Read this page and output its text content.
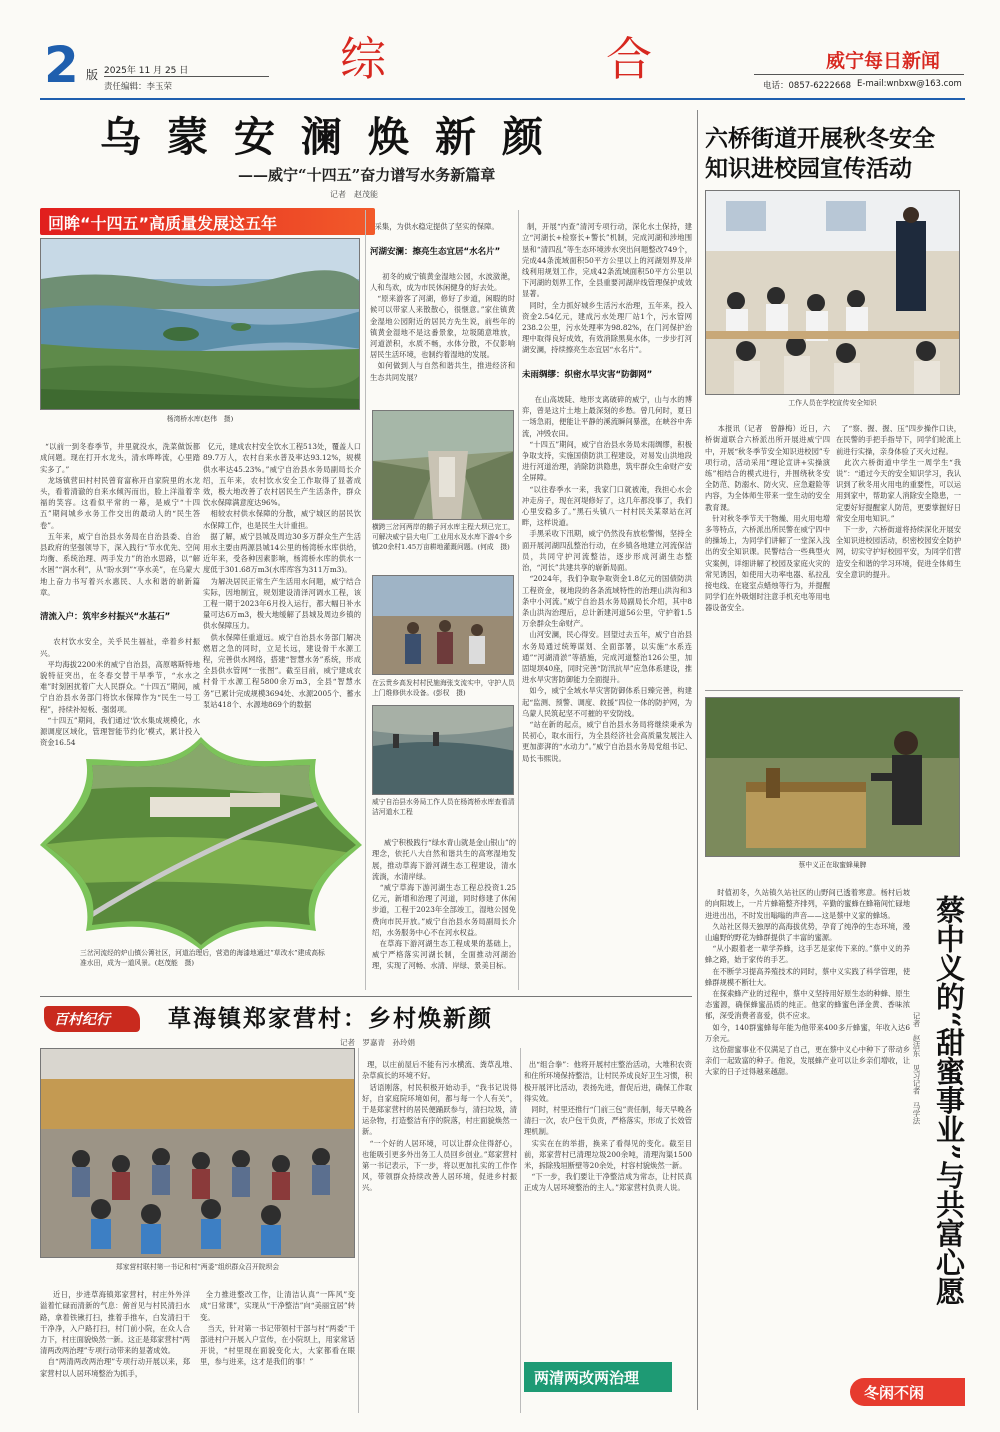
2 版 2025年 11 月 25 日
责任编辑：李玉荣
综	合	威宁每日新闻
电话：0857-6222668 E-mail:wnbxw@163.com
乌蒙安澜焕新颜
——威宁“十四五”奋力谱写水务新篇章
记者　赵茂能
回眸“十四五”高质量发展这五年
杨湾桥水库(赵伟　摄)

“以前一到冬春季节，井里就没水，洗菜做饭都成问题。现在打开水龙头，清水哗哗流，心里踏实多了。”
　龙场镇营田村村民曾育富称开自家院里的水龙头，看着清澈的自来水倾泻而出，脸上洋溢着幸福的笑容。这看似平常的一幕，是威宁“十四五”期间城乡水务工作交出的最动人的“民生答卷”。
　五年来，威宁自治县水务局在自治县委、自治县政府的坚强领导下，深入践行“节水优先、空间均衡、系统治理、两手发力”的治水思路，以“解水困”“润水利”，从“盼水到”“享水美”，在乌蒙大地上奋力书写着兴水惠民、人水和谐的崭新篇章。

清流入户：筑牢乡村振兴“水基石”

　农村饮水安全，关乎民生福祉，牵着乡村振兴。
　平均海拔2200米的威宁自治县，高原喀斯特地貌特征突出，在冬春交替干旱季节，“水水之难”时刻困扰着广大人民群众。“十四五”期间，威宁自治县水务部门将饮水保障作为“民生一号工程”，持续补短板、强弱项。
　“十四五”期间，我们通过‘饮水集成规模化，水源调度区域化，管理智能节约化’模式，累计投入资金16.54

亿元，建成农村安全饮水工程513处，覆盖人口89.7万人，农村自来水普及率达93.12%，规模供水率达45.23%。”威宁自治县水务局副局长介绍，五年来，农村饮水安全工作取得了显著成效，极大地改善了农村居民生产生活条件，群众饮水保障满意度达96%。
　相较农村供水保障的分散，威宁城区的居民饮水保障工作，也是民生大计重担。
　据了解，威宁县城及周边30多万群众生产生活用水主要由两源县城14公里的杨湾桥水库供给，近年来，受各种因素影响，杨湾桥水库的供水一度低于301.68万m3(水库库容为311万m3)。
　为解决居民正常生产生活用水问题，威宁结合实际，因地制宜，规划建设清泽河调水工程，该工程一期于2023年6月投入运行，都大幅日补水量可达6万m3，极大地缓解了县城及周边乡镇的供水保障压力。
　供水保障任重道远。威宁自治县水务部门解决燃眉之急的同时，立足长远，建设骨干水源工程，完善供水网络，搭建“智慧水务”系统，形成全县供水管网“一张图”。截至目前，威宁建成农村骨干水源工程5800余万m3，全县“智慧水务”已累计完成规模3694处、水源2005个、蓄水泵站418个、水源地869个的数据

三岔河流经的炉山镇公箐社区，河道治理后，营造的海漆地通过“草改水”建成高标准水田，成为一道风景。(赵茂能　摄)

采集，为供水稳定提供了坚实的保障。

河湖安澜：擦亮生态宜居“水名片”

　初冬的威宁镇黄金湿地公园，水波潋滟，人和鸟欢，成为市民休闲健身的好去处。
　“原来游客了河湖，修好了步道，闲暇的时候可以带家人来散散心，很惬意。”家住镇黄金湿地公园附近的居民方先生说，前些年的镇黄金湿地不是这番景象，垃圾随意堆放，河道淤积，水质不畅，水体分散，不仅影响居民生活环境，也制约着湿地的发展。
　如何做到人与自然和谐共生，推进经济和生态共同发展？

横跨三岔河两岸的鹅子河水库主程大坝已完工，可解决威宁县大电厂工业用水及水库下游4个乡镇20余村1.45万亩耕地灌溉问题。(何成　摄)
在云贵乡高发村村民施海张支流实中，守护人员上门维修供水设备。(彭权　摄)
威宁自治县水务局工作人员在杨湾桥水库查看清洁河道水工程

　威宁积极践行“绿水青山就是金山银山”的理念，依托八大自然和谐共生的高寒湿地发展，推动草海下游河湖生态工程建设，清水流淌，水清岸绿。
　“威宁草海下游河湖生态工程总投资1.25亿元，新增和治理了河道，同时修建了休闲步道，工程于2023年全部竣工，湿地公园免费向市民开放。”威宁自治县水务局副局长介绍，水务服务中心不在河水权益。
　在草海下游河湖生态工程成果的基础上，威宁严格落实河湖长制，全面推动河湖治理，实现了河畅、水清、岸绿、景美目标。

制，开展“内查”清河专项行动，深化水土保持，建立“河湖长+检察长+警长”机制，完成河湖和涉地围垦和“清四乱”等生态环境涉水突出问题整改749个，完成44条流域面积50平方公里以上的河湖划界及岸线利用规划工作，完成42条流域面积50平方公里以下河湖的划界工作，全县重要河湖岸线管理保护成效显著。
　同时，全力抓好城乡生活污水治理，五年来，投入资金2.54亿元，建成污水处理厂站1个，污水管网238.2公里，污水处理率为98.82%，在门河保护治理中取得良好成效，有效消除黑臭水体，一步步打河湖安澜，持续擦亮生态宜居“水名片”。

未雨绸缪：织密水旱灾害“防御网”

　在山高坡陡、地形支离破碎的威宁，山与水的博弈，曾是这片土地上最深刻的乡愁。曾几何时，夏日一场急雨，便能让平静的溪流瞬间暴涨，在峡谷中奔流，冲毁农田。
　“十四五”期间，威宁自治县水务局未雨绸缪，积极争取支持，实施国债防洪工程建设，对易发山洪地段进行河道治理，消除防洪隐患，筑牢群众生命财产安全屏障。
　“以往春季水一来，我家门口就被淹，我担心水会冲走房子，现在河堤修好了，这几年都没事了，我们心里安稳多了。”黑石头镇八一村村民关某翠站在河畔，这样说道。
　手黑采收下汛期，威宁仍然没有放松警惕，坚持全面开展河湖四乱整治行动，在乡镇各地建立河流保洁员，共同守护河流整洁，逐步形成河湖生态整治，“河长”共建共享的崭新局面。
　“2024年，我们争取争取资金1.8亿元的国债防洪工程资金，视地段的各条流域特性的治理山洪沟和3条中小河流。”威宁自治县水务局副局长介绍，其中8条山洪沟治理后，总计新建河道56公里，守护着1.5万余群众生命财产。
　山河安澜，民心得安。回望过去五年，威宁自治县水务局通过统筹谋划、全面部署，以实施“水系连通”“河湖清淤”等措施，完成河道整治126公里，加固堤坝40座，同时完善“防汛抗旱”应急体系建设，推进水旱灾害防御能力全面提升。
　如今，威宁全域水旱灾害防御体系日臻完善，构建起“监测、预警、调度、救援”四位一体的防护网，为乌蒙人民筑起坚不可摧的平安防线。
　“站在新的起点，威宁自治县水务局将继续秉承为民初心，取水而行，为全县经济社会高质量发展注入更加澎湃的“水动力”。”威宁自治县水务局党组书记、局长韦熙说。

六桥街道开展秋冬安全
知识进校园宣传活动
工作人员在学校宣传安全知识

　本报讯（记者　曾静梅）近日，六桥街道联合六桥派出所开展进威宁四中，开展“秋冬季节安全知识进校园”专项行动，活动采用“理论宣讲+实操演练”相结合的模式进行，并围绕秋冬安全防范、防溺水、防火灾、应急避险等内容，为全体师生带来一堂生动的安全教育课。
　针对秋冬季节天干物燥、用火用电增多等特点，六桥派出所民警在威宁四中的操场上，为同学们讲解了一堂深入浅出的安全知识课。民警结合一些典型火灾案例，详细讲解了校园及家庭火灾的常见诱因，如使用大功率电器、私拉乱接电线、在寝室点蜡烛等行为，并提醒同学们在外吸烟时注意手机充电等用电器设备安全。

了“察、握、握、压”四步操作口诀，在民警的手把手指导下，同学们轮流上前进行实操，亲身体验了灭火过程。
　此次六桥街道中学生一周学生“我说”：“通过今天的安全知识学习，我认识到了秋冬用火用电的重要性，可以运用到家中，帮助家人消除安全隐患，一定要好好提醒家人防范，更要掌握好日常安全用电知识。”
　下一步，六桥街道将持续深化开展安全知识进校园活动，织密校园安全防护网，切实守护好校园平安，为同学们营造安全和谐的学习环境，促进全体师生安全意识的提升。

蔡中义正在取蜜蜂巢脾

　时值初冬，久站镇久站社区的山野间已透着寒意。杨村后坡的向阳坡上，一片片蜂箱整齐排列，辛勤的蜜蜂在蜂箱间忙碌地进进出出，不时发出嗡嗡的声音——这是蔡中义家的蜂场。
　久站社区得天独厚的高海拔优势，孕育了纯净的生态环境，漫山遍野的野花为蜂群提供了丰富的蜜源。
　“从小跟着老一辈学养蜂，这手艺是家传下来的。”蔡中义的养蜂之路，始于家传的手艺。
　在不断学习提高养殖技术的同时，蔡中义实践了科学管理，使蜂群规模不断壮大。
　在探索蜂产业的过程中，蔡中义坚持用好原生态的种蜂、原生态蜜源，确保蜂蜜品质的纯正。他家的蜂蜜色泽金黄、香味浓郁，深受消费者喜爱，供不应求。
　如今，140群蜜蜂每年能为他带来400多斤蜂蜜，年收入达6万余元。
　这份甜蜜事业不仅满足了自己，更在蔡中义心中种下了带动乡亲们一起致富的种子。他说，发展蜂产业可以让乡亲们增收，让大家的日子过得越来越甜。	蔡中义的“甜蜜事业”与共富心愿
记者　赵洁东　见习记者　马学法
冬闲不闲
百村纪行	草海镇郑家营村：乡村焕新颜
记者　罗嘉青　孙玲娟
郑家营村联村第一书记和村“两委”组织群众召开院坝会

　近日，步进草海镇郑家营村，村庄外外洋溢着忙碌而清新的气息：俯首见与村民清扫水路，拿着铁锹打扫，推着手推车，白发清扫干干净净，入户路打扫，村门前小院，在众人合力下，村庄面貌焕然一新。这正是郑家营村“两清两改两治理”专项行动带来的显著成效。
　自“两清两改两治理”专项行动开展以来，郑家营村以人居环境整治为抓手，

全力推进整改工作，让清洁认真“一阵风”变成“日常课”，实现从“干净整洁”向“美丽宜居”转变。
　当天，针对第一书记带领村干部与村“两委”干部进村户开展入户宣传，在小院坝上，用家常话开说，“村里现在面貌变化大，大家都看在眼里，参与进来，这才是我们的事！”

理，以庄前屋后不能有污水横流、粪草乱堆、杂草疯长的环境不好。
　话语刚落，村民积极开始动手，“我书记说得好，自家庭院环境如何，都与每一个人有关”，于是郑家营村的居民便踊跃参与，清扫垃圾，清运杂物，打造整洁有序的院落，村庄面貌焕然一新。
　“一个好的人居环境，可以让群众住得舒心，也能吸引更多外出务工人员回乡创业。”郑家营村第一书记表示，下一步，将以更加扎实的工作作风，带领群众持续改善人居环境，促进乡村振兴。

出“组合拳”：他将开展村庄整治活动，大堆积农资和住所环境保持整洁，让村民养成良好卫生习惯，积极开展评比活动，表扬先进，督促后进，确保工作取得实效。
　同时，村里还推行“门前三包”责任制，每天早晚各清扫一次，农户包干负责，严格落实，形成了长效管理机制。
　实实在在的举措，换来了看得见的变化。截至目前，郑家营村已清理垃圾200余吨，清理沟渠1500米，拆除残垣断壁等20余处，村容村貌焕然一新。
　“下一步，我们要让干净整洁成为常态，让村民真正成为人居环境整治的主人。”郑家营村负责人说。

两清两改两治理
